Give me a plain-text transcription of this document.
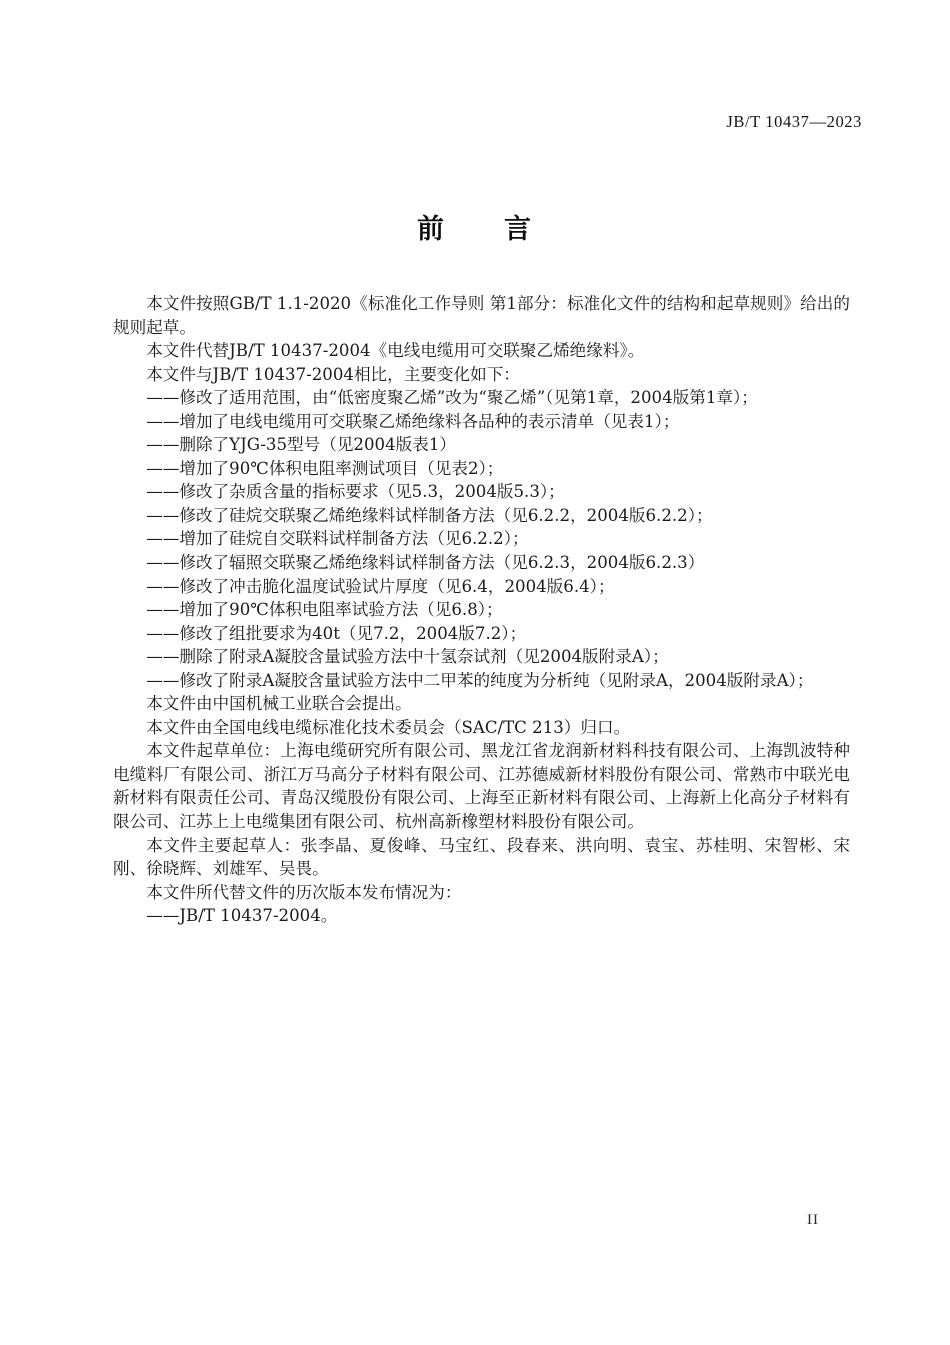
JB/T 10437—2023
前　　言

本文件按照GB/T 1.1-2020《标准化工作导则 第1部分：标准化文件的结构和起草规则》给出的规则起草。

本文件代替JB/T 10437-2004《电线电缆用可交联聚乙烯绝缘料》。

本文件与JB/T 10437-2004相比，主要变化如下：

——修改了适用范围，由“低密度聚乙烯”改为“聚乙烯”（见第1章，2004版第1章）；

——增加了电线电缆用可交联聚乙烯绝缘料各品种的表示清单（见表1）；

——删除了YJG-35型号（见2004版表1）

——增加了90℃体积电阻率测试项目（见表2）；

——修改了杂质含量的指标要求（见5.3，2004版5.3）；

——修改了硅烷交联聚乙烯绝缘料试样制备方法（见6.2.2，2004版6.2.2）；

——增加了硅烷自交联料试样制备方法（见6.2.2）；

——修改了辐照交联聚乙烯绝缘料试样制备方法（见6.2.3，2004版6.2.3）

——修改了冲击脆化温度试验试片厚度（见6.4，2004版6.4）；

——增加了90℃体积电阻率试验方法（见6.8）；

——修改了组批要求为40t（见7.2，2004版7.2）；

——删除了附录A凝胶含量试验方法中十氢奈试剂（见2004版附录A）；

——修改了附录A凝胶含量试验方法中二甲苯的纯度为分析纯（见附录A，2004版附录A）；

本文件由中国机械工业联合会提出。

本文件由全国电线电缆标准化技术委员会（SAC/TC 213）归口。

本文件起草单位：上海电缆研究所有限公司、黑龙江省龙润新材料科技有限公司、上海凯波特种电缆料厂有限公司、浙江万马高分子材料有限公司、江苏德威新材料股份有限公司、常熟市中联光电新材料有限责任公司、青岛汉缆股份有限公司、上海至正新材料有限公司、上海新上化高分子材料有限公司、江苏上上电缆集团有限公司、杭州高新橡塑材料股份有限公司。

本文件主要起草人：张李晶、夏俊峰、马宝红、段春来、洪向明、袁宝、苏桂明、宋智彬、宋刚、徐晓辉、刘雄军、吴畏。

本文件所代替文件的历次版本发布情况为：

——JB/T 10437-2004。

II
